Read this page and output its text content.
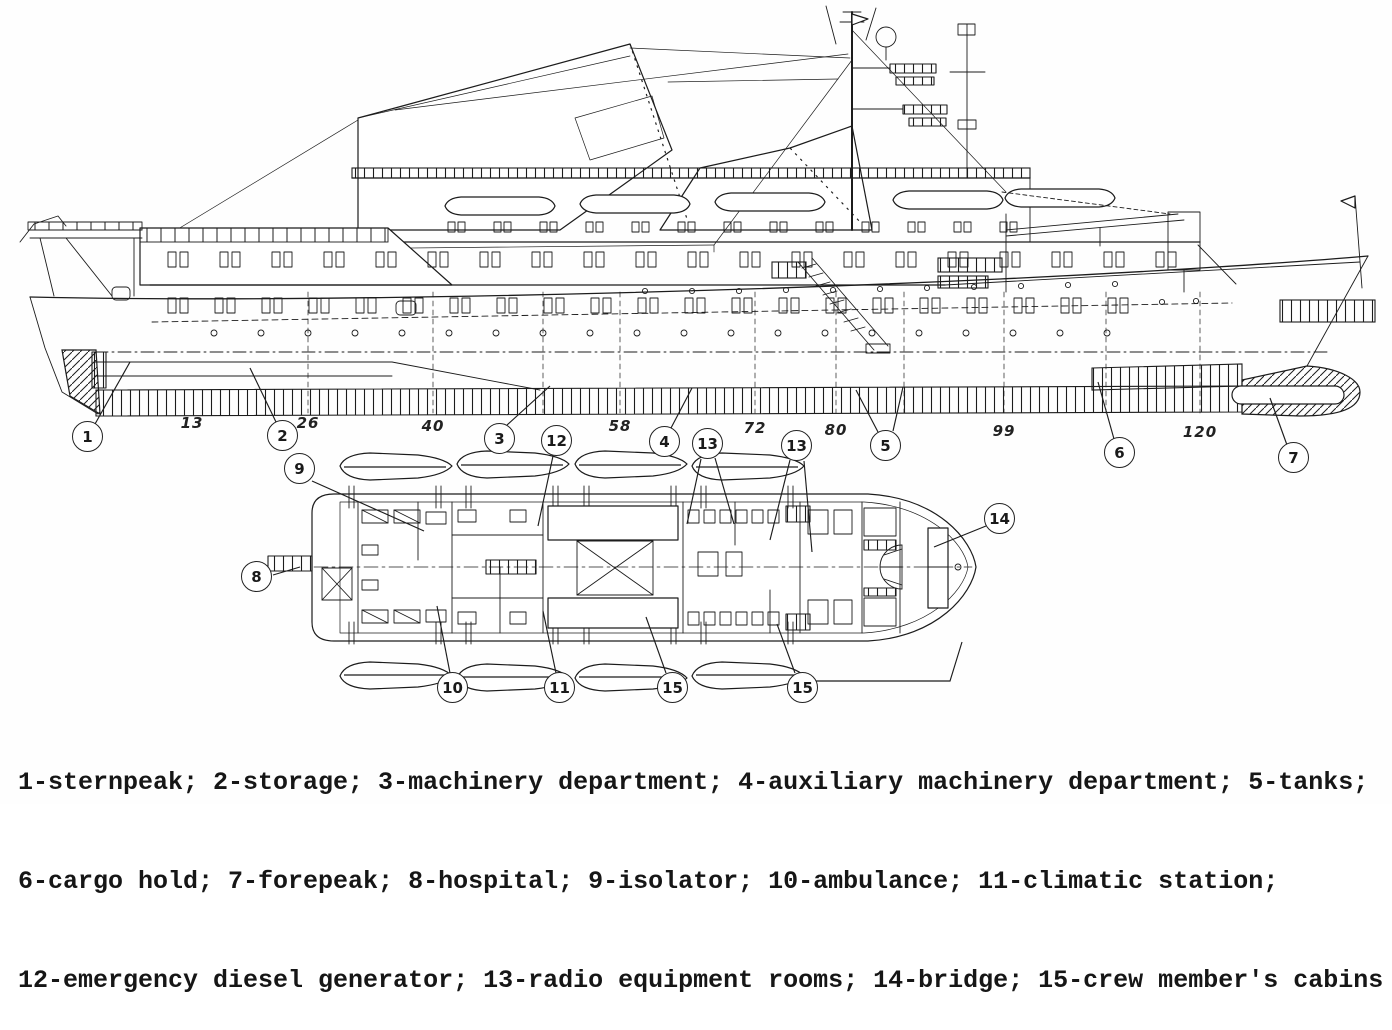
13	26	40	58	72	80	99	120
1	2	3	12	4	13	13	5	6	7
9
8
10	11	15	15
14

1-sternpeak; 2-storage; 3-machinery department; 4-auxiliary machinery department; 5-tanks;

6-cargo hold; 7-forepeak; 8-hospital; 9-isolator; 10-ambulance; 11-climatic station;

12-emergency diesel generator; 13-radio equipment rooms; 14-bridge; 15-crew member's cabins
